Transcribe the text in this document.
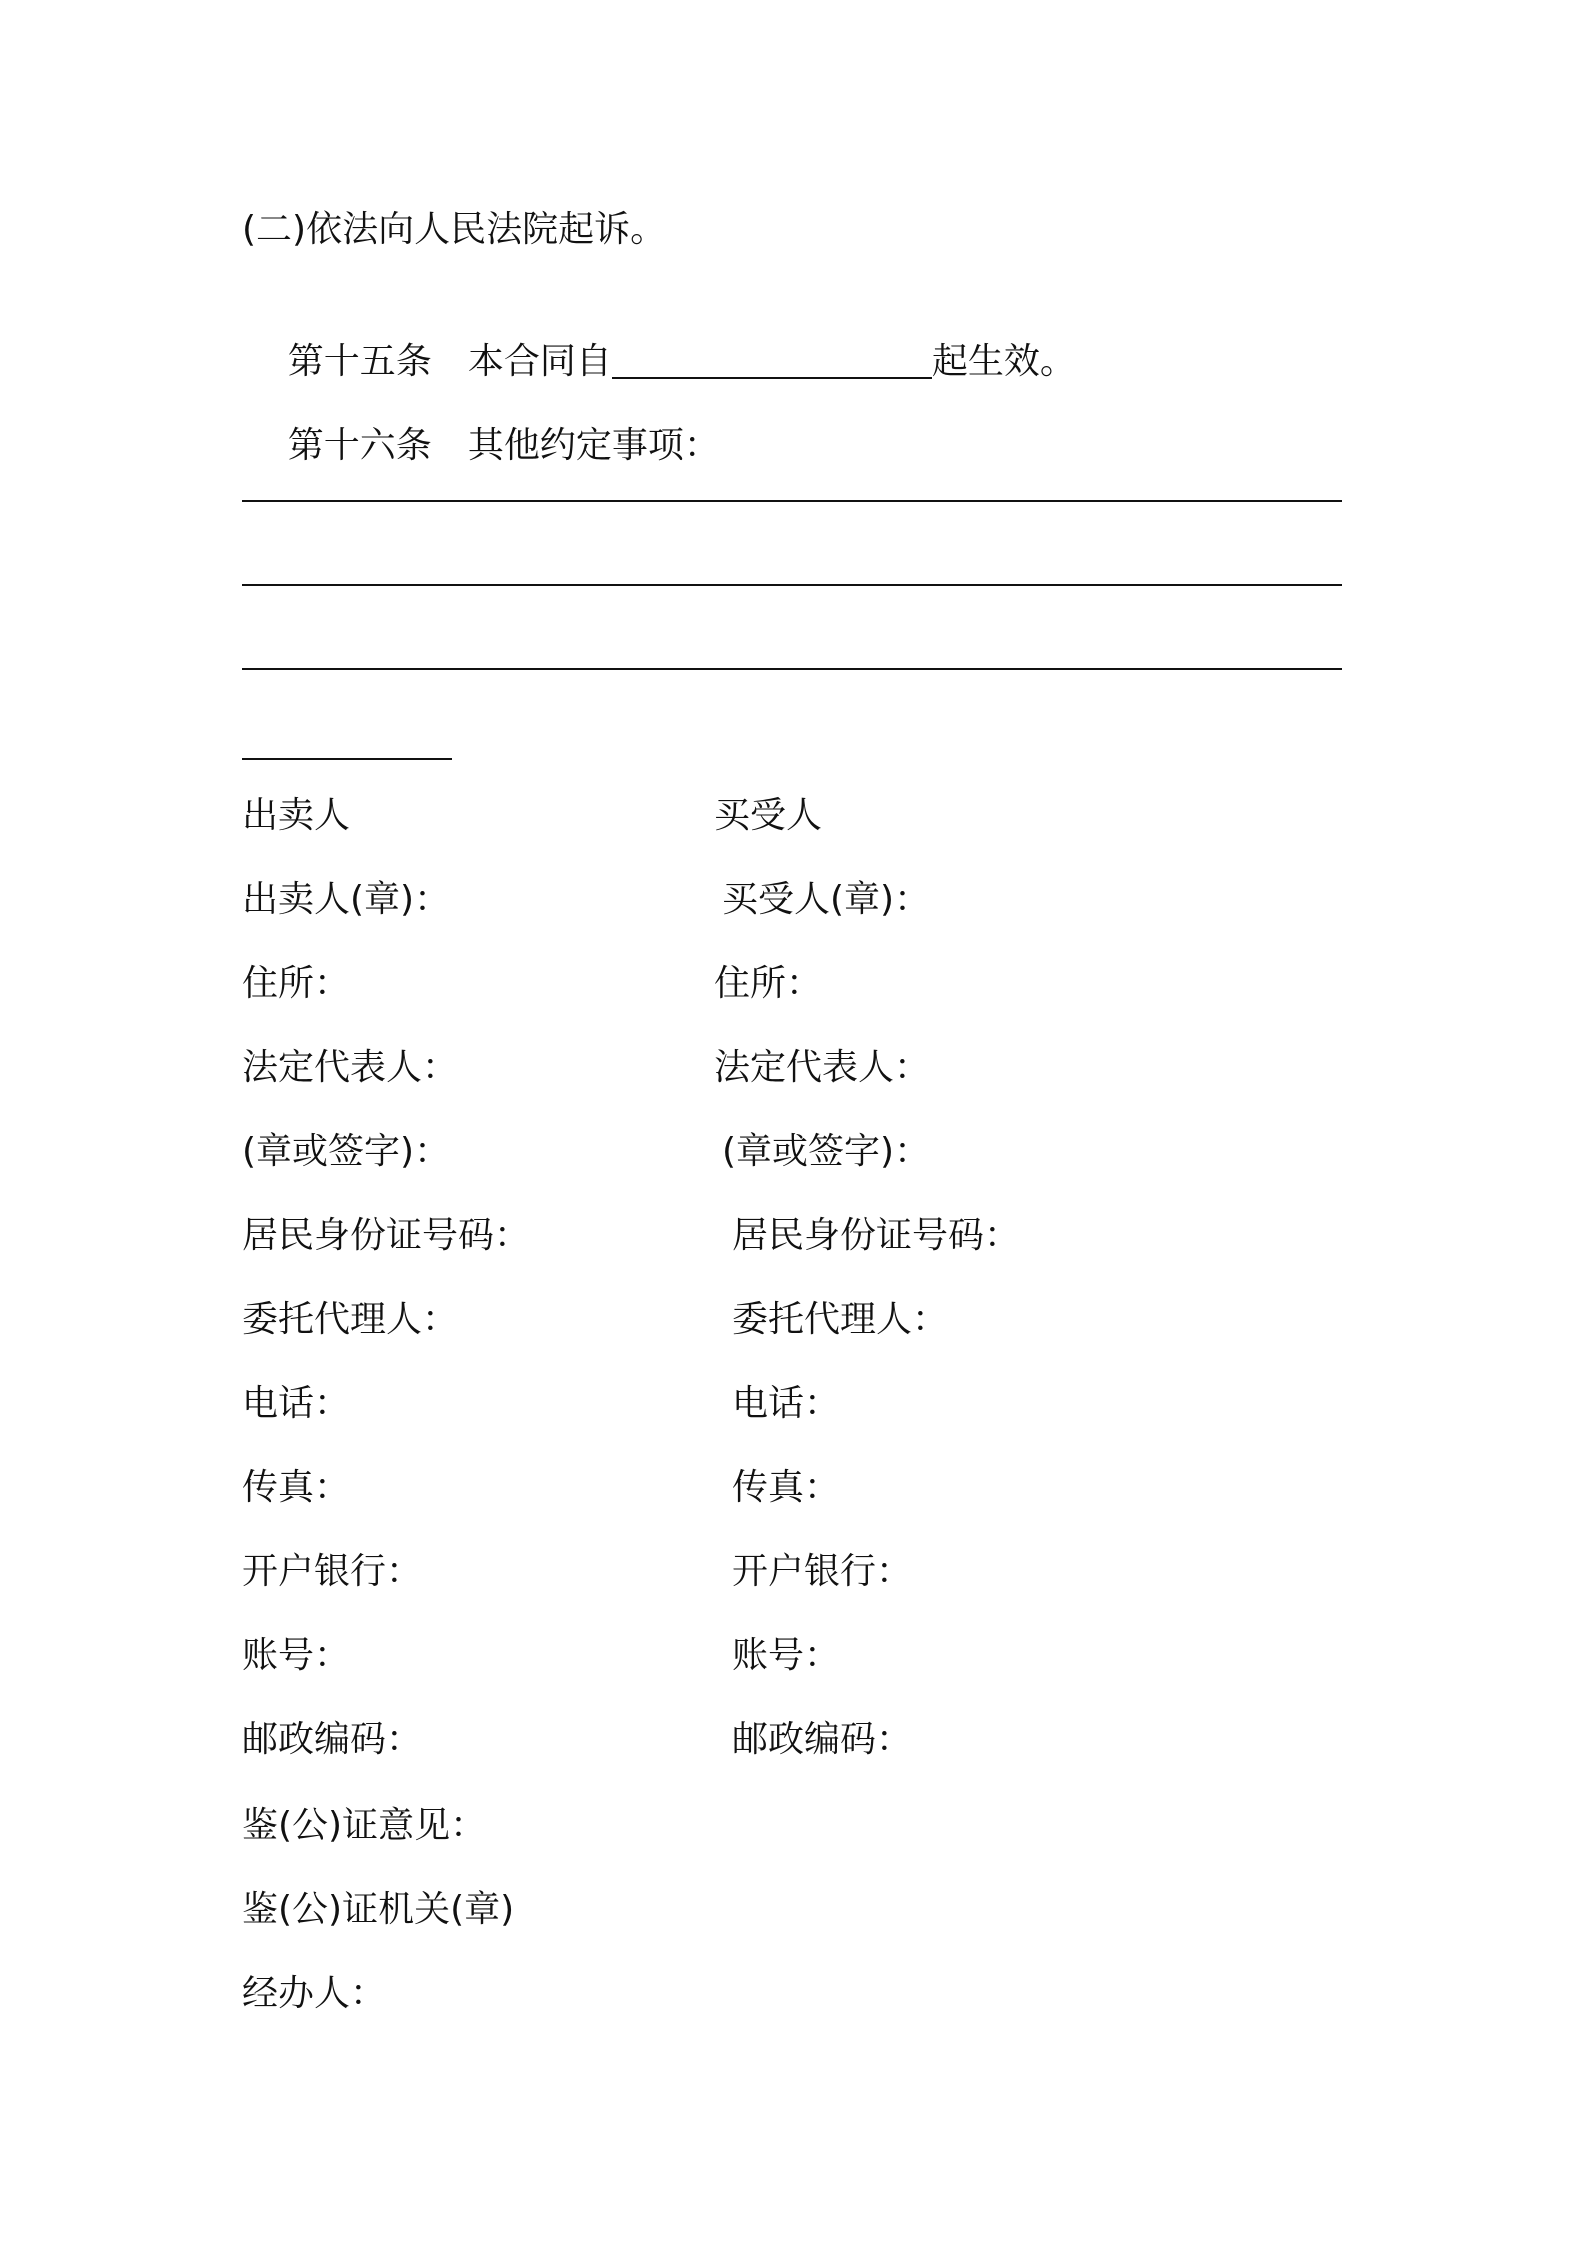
(二)依法向人民法院起诉。

第十五条　 本合同自	起生效。

第十六条　 其他约定事项：

出卖人	买受人
出卖人(章)：	买受人(章)：
住所：	住所：
法定代表人：	法定代表人：
(章或签字)：	(章或签字)：
居民身份证号码：	居民身份证号码：
委托代理人：	委托代理人：
电话：	电话：
传真：	传真：
开户银行：	开户银行：
账号：	账号：
邮政编码：	邮政编码：
鉴(公)证意见：
鉴(公)证机关(章)
经办人：
